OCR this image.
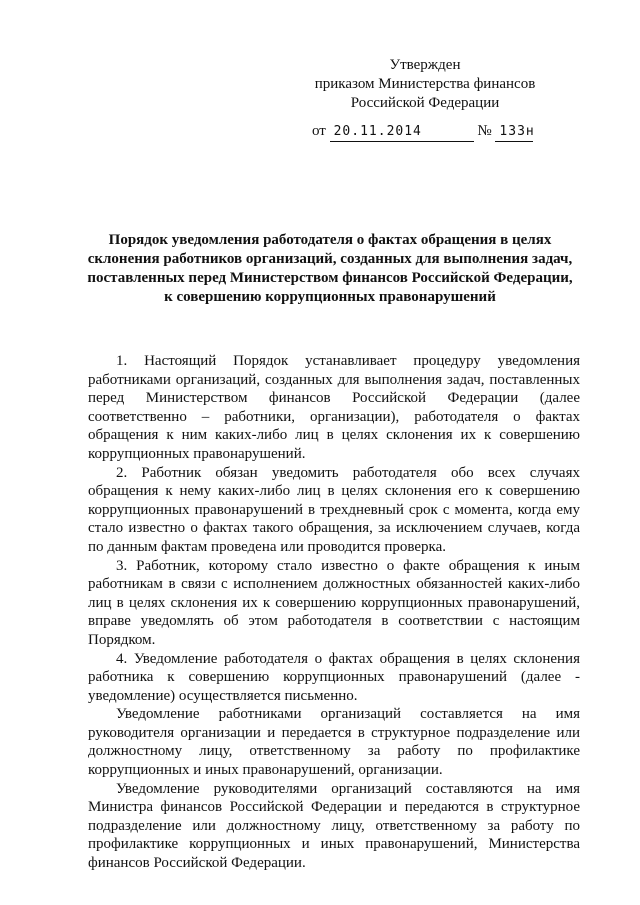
Утвержден
приказом Министерства финансов
Российской Федерации
от 20.11.2014	№ 133н
Порядок уведомления работодателя о фактах обращения в целях
склонения работников организаций, созданных для выполнения задач,
поставленных перед Министерством финансов Российской Федерации,
к совершению коррупционных правонарушений

1. Настоящий Порядок устанавливает процедуру уведомления работниками организаций, созданных для выполнения задач, поставленных перед Министерством финансов Российской Федерации (далее соответственно – работники, организации), работодателя о фактах обращения к ним каких-либо лиц в целях склонения их к совершению коррупционных правонарушений.

2. Работник обязан уведомить работодателя обо всех случаях обращения к нему каких-либо лиц в целях склонения его к совершению коррупционных правонарушений в трехдневный срок с момента, когда ему стало известно о фактах такого обращения, за исключением случаев, когда по данным фактам проведена или проводится проверка.

3. Работник, которому стало известно о факте обращения к иным работникам в связи с исполнением должностных обязанностей каких-либо лиц в целях склонения их к совершению коррупционных правонарушений, вправе уведомлять об этом работодателя в соответствии с настоящим Порядком.

4. Уведомление работодателя о фактах обращения в целях склонения работника к совершению коррупционных правонарушений (далее - уведомление) осуществляется письменно.

Уведомление работниками организаций составляется на имя руководителя организации и передается в структурное подразделение или должностному лицу, ответственному за работу по профилактике коррупционных и иных правонарушений, организации.

Уведомление руководителями организаций составляются на имя Министра финансов Российской Федерации и передаются в структурное подразделение или должностному лицу, ответственному за работу по профилактике коррупционных и иных правонарушений, Министерства финансов Российской Федерации.
